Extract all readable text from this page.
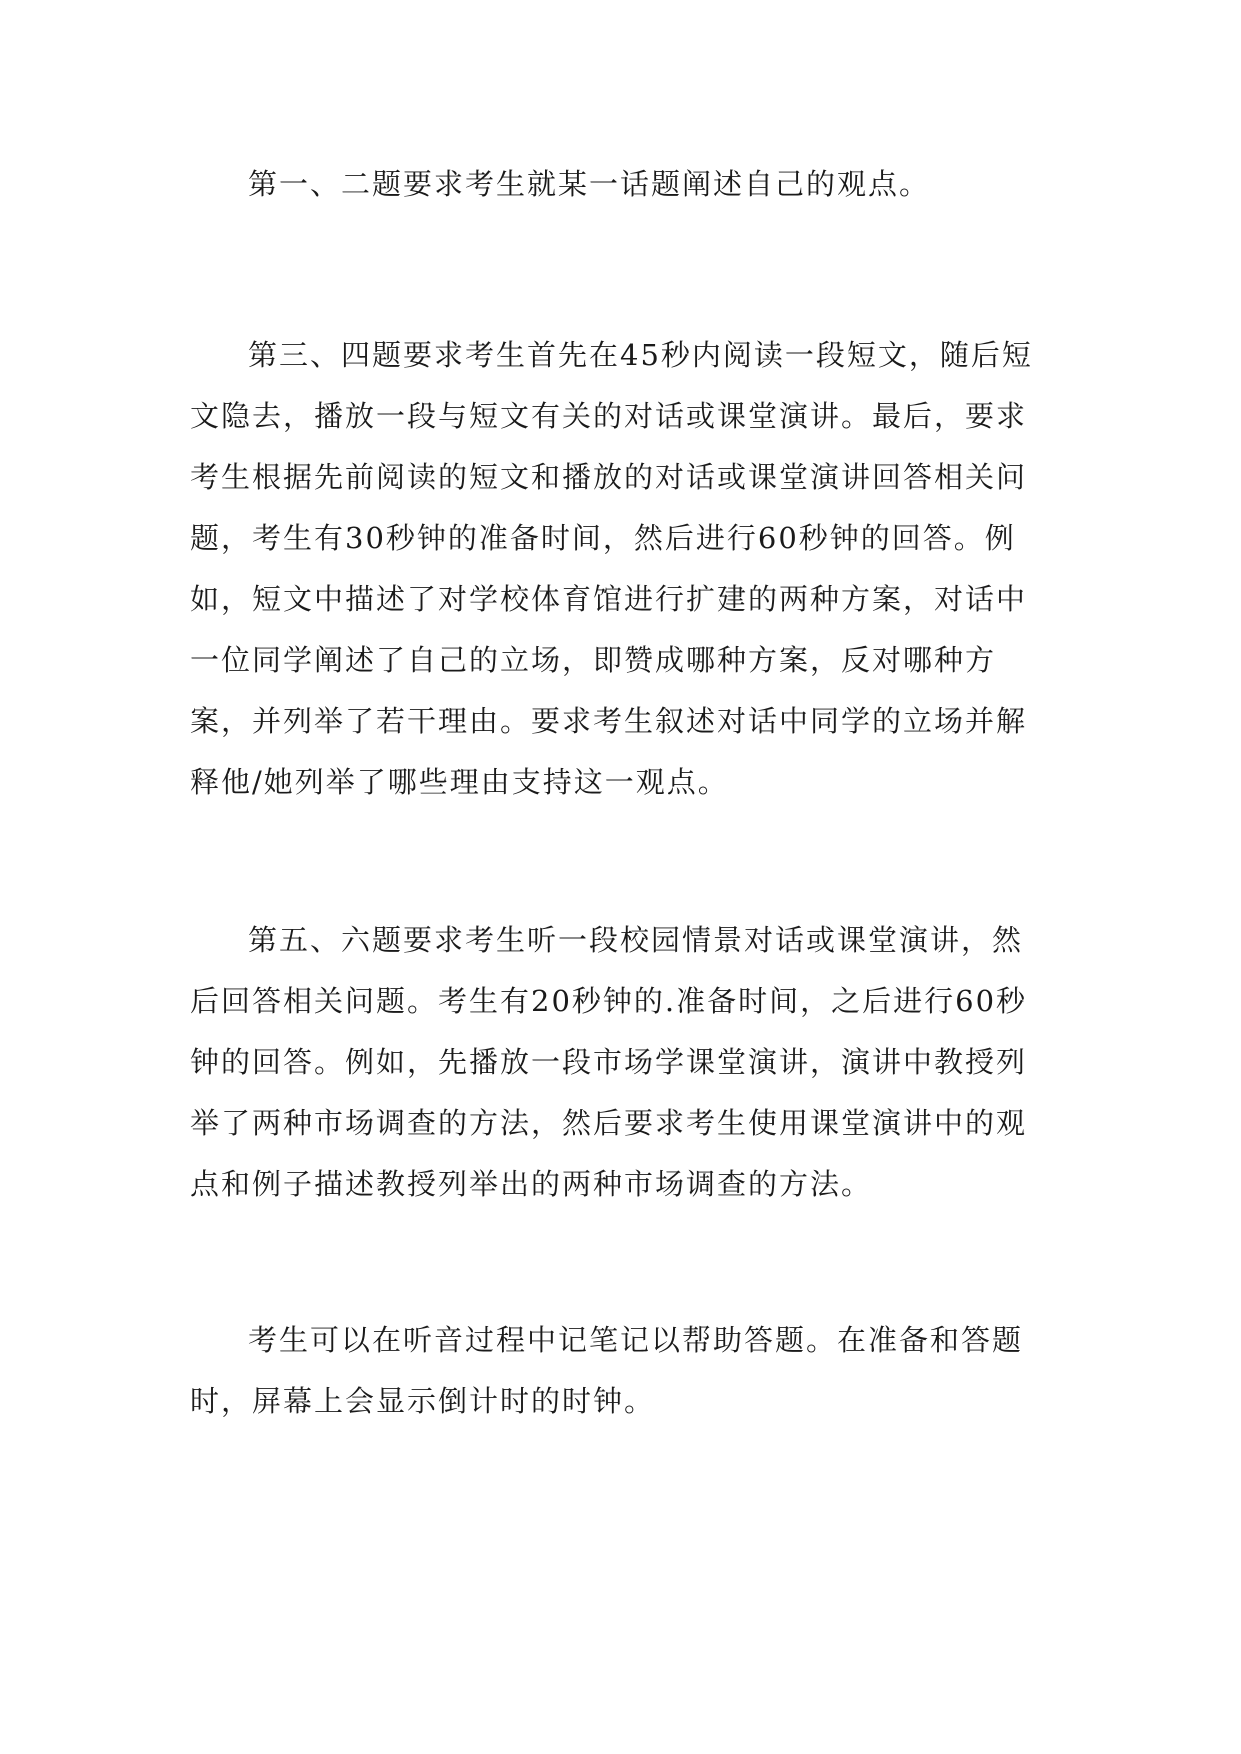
第一、二题要求考生就某一话题阐述自己的观点。

第三、四题要求考生首先在45秒内阅读一段短文，随后短文隐去，播放一段与短文有关的对话或课堂演讲。最后，要求考生根据先前阅读的短文和播放的对话或课堂演讲回答相关问题，考生有30秒钟的准备时间，然后进行60秒钟的回答。例如，短文中描述了对学校体育馆进行扩建的两种方案，对话中一位同学阐述了自己的立场，即赞成哪种方案，反对哪种方案，并列举了若干理由。要求考生叙述对话中同学的立场并解释他/她列举了哪些理由支持这一观点。

第五、六题要求考生听一段校园情景对话或课堂演讲，然后回答相关问题。考生有20秒钟的.准备时间，之后进行60秒钟的回答。例如，先播放一段市场学课堂演讲，演讲中教授列举了两种市场调查的方法，然后要求考生使用课堂演讲中的观点和例子描述教授列举出的两种市场调查的方法。

考生可以在听音过程中记笔记以帮助答题。在准备和答题时，屏幕上会显示倒计时的时钟。
